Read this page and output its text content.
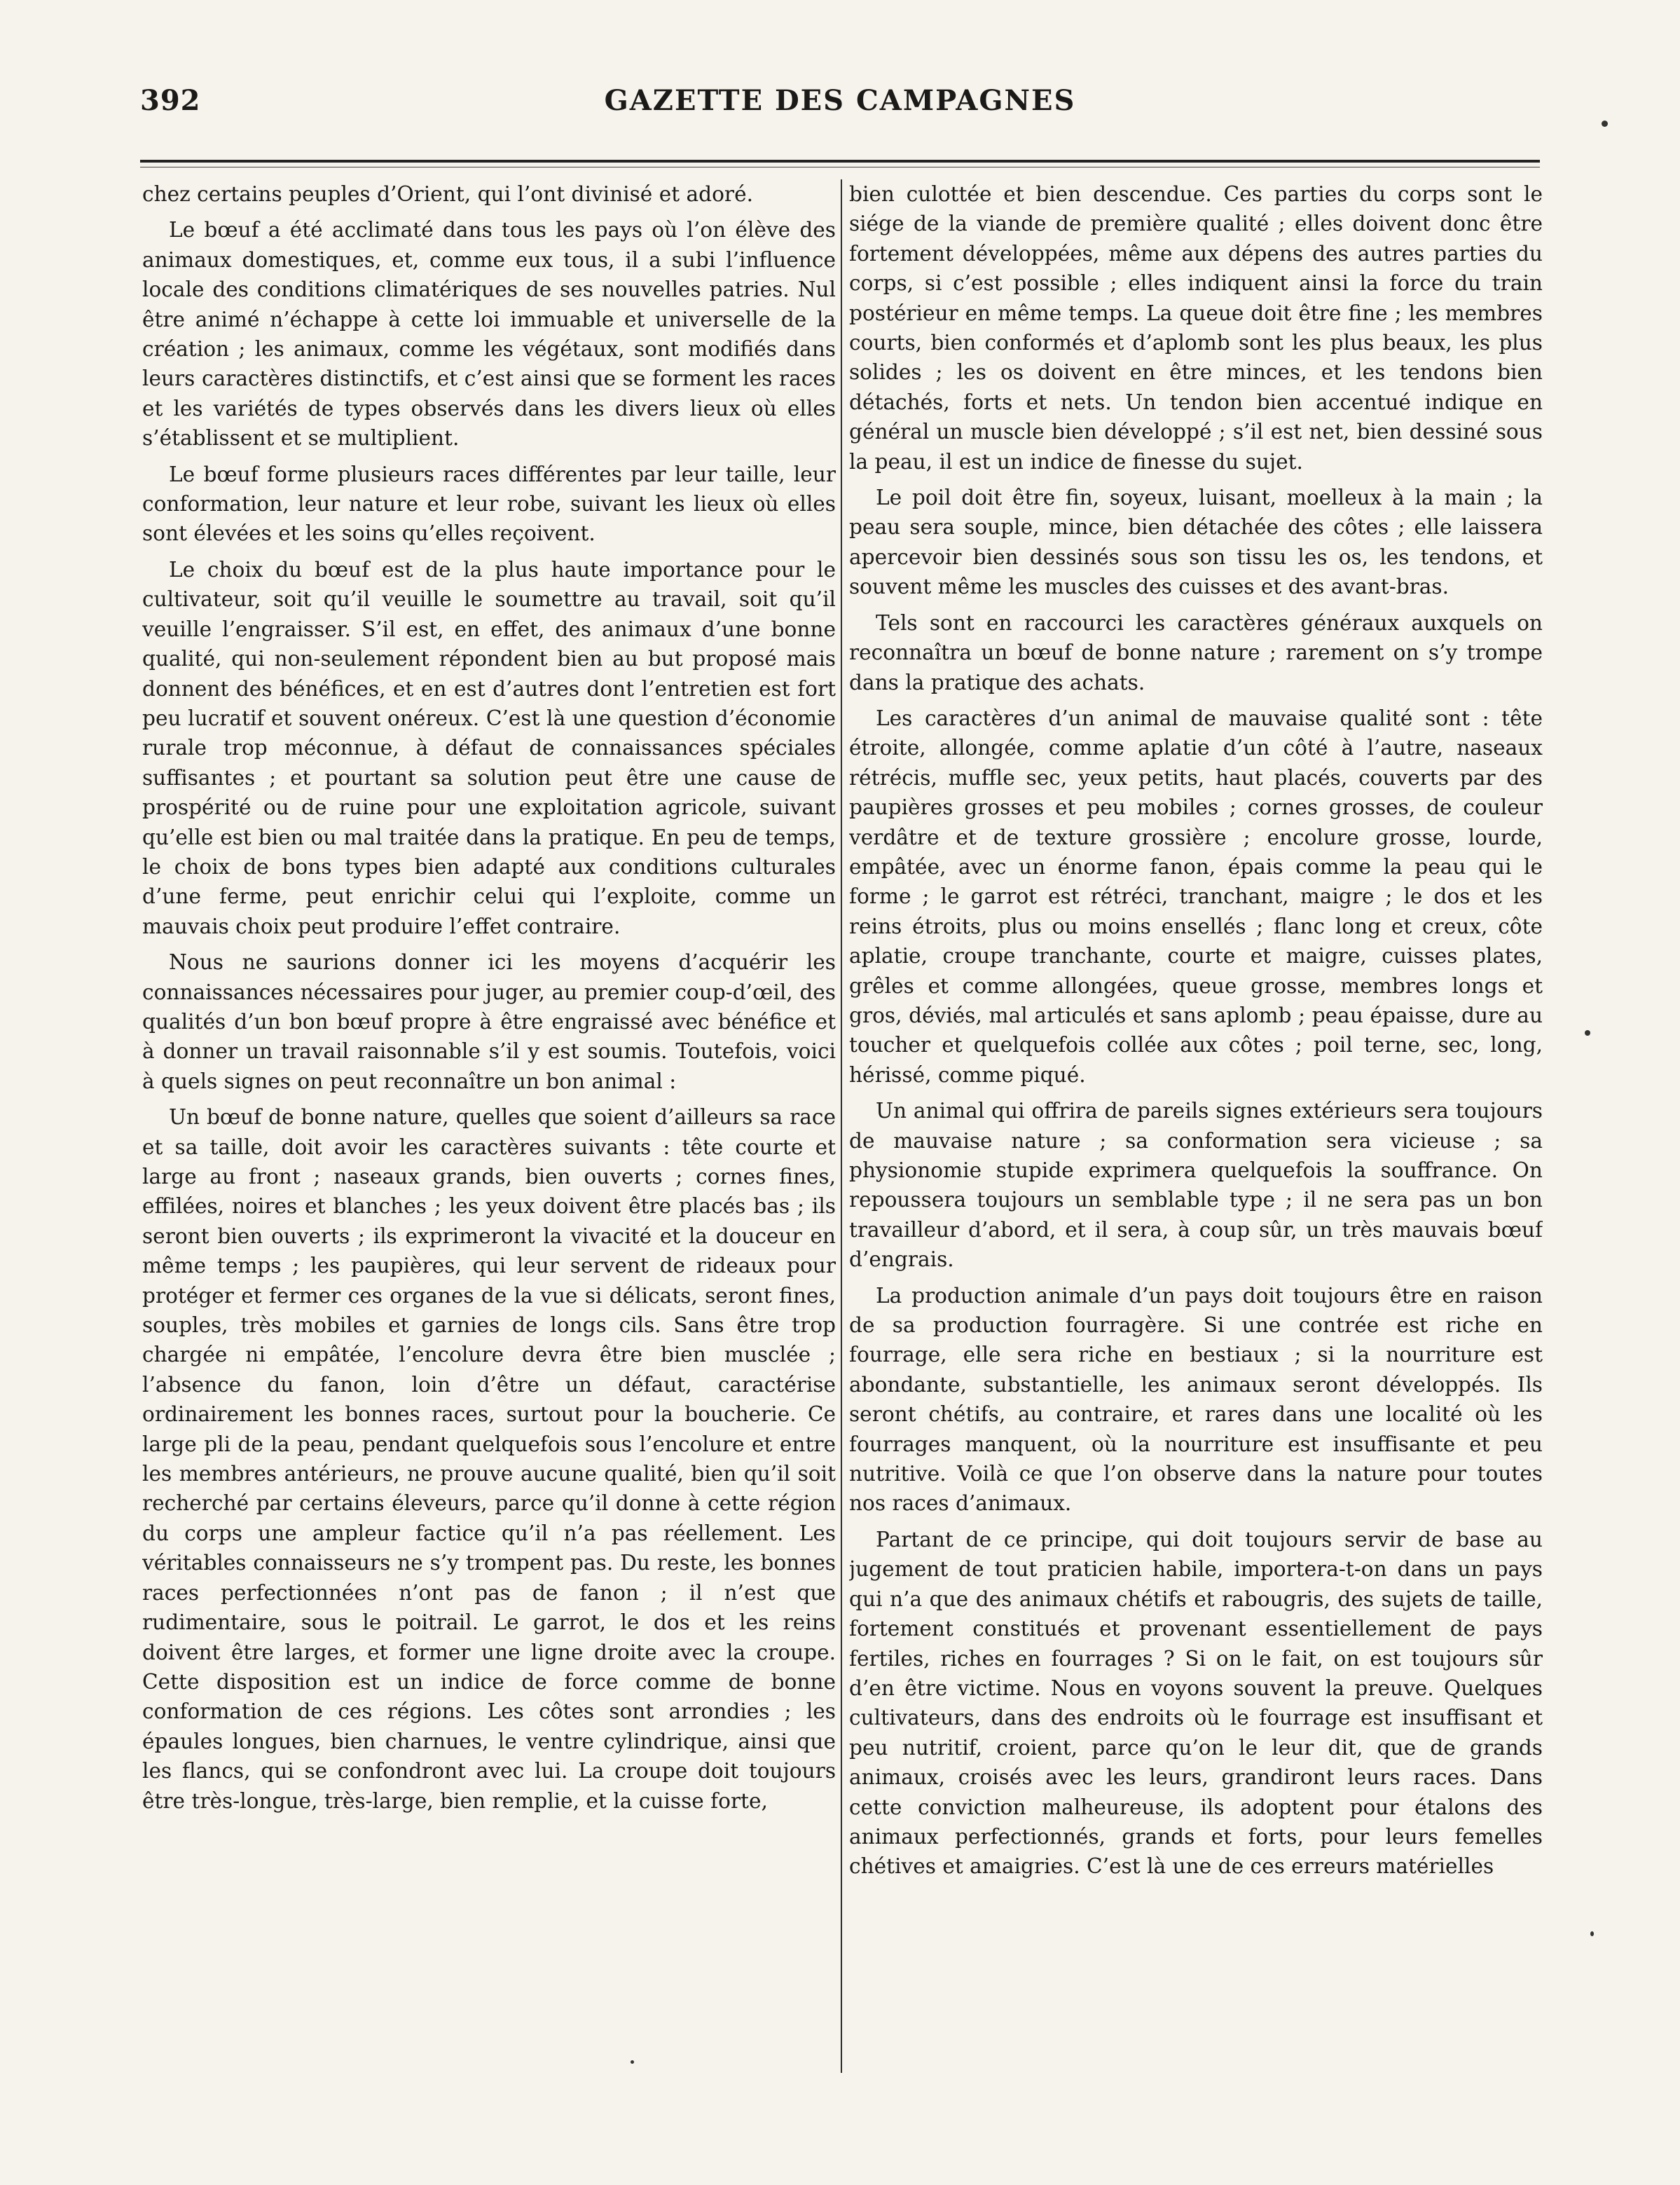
392	GAZETTE DES CAMPAGNES

chez certains peuples d’Orient, qui l’ont divinisé et adoré.

Le bœuf a été acclimaté dans tous les pays où l’on élève des animaux domestiques, et, comme eux tous, il a subi l’influence locale des conditions climatériques de ses nouvelles patries. Nul être animé n’échappe à cette loi immuable et universelle de la création ; les animaux, comme les végétaux, sont modifiés dans leurs caractères distinctifs, et c’est ainsi que se forment les races et les variétés de types observés dans les divers lieux où elles s’établissent et se multiplient.

Le bœuf forme plusieurs races différentes par leur taille, leur conformation, leur nature et leur robe, suivant les lieux où elles sont élevées et les soins qu’elles reçoivent.

Le choix du bœuf est de la plus haute importance pour le cultivateur, soit qu’il veuille le soumettre au travail, soit qu’il veuille l’engraisser. S’il est, en effet, des animaux d’une bonne qualité, qui non-seulement répondent bien au but proposé mais donnent des bénéfices, et en est d’autres dont l’entretien est fort peu lucratif et souvent onéreux. C’est là une question d’économie rurale trop méconnue, à défaut de connaissances spéciales suffisantes ; et pourtant sa solution peut être une cause de prospérité ou de ruine pour une exploitation agricole, suivant qu’elle est bien ou mal traitée dans la pratique. En peu de temps, le choix de bons types bien adapté aux conditions culturales d’une ferme, peut enrichir celui qui l’exploite, comme un mauvais choix peut produire l’effet contraire.

Nous ne saurions donner ici les moyens d’acquérir les connaissances nécessaires pour juger, au premier coup-d’œil, des qualités d’un bon bœuf propre à être engraissé avec bénéfice et à donner un travail raisonnable s’il y est soumis. Toutefois, voici à quels signes on peut reconnaître un bon animal :

Un bœuf de bonne nature, quelles que soient d’ailleurs sa race et sa taille, doit avoir les caractères suivants : tête courte et large au front ; naseaux grands, bien ouverts ; cornes fines, effilées, noires et blanches ; les yeux doivent être placés bas ; ils seront bien ouverts ; ils exprimeront la vivacité et la douceur en même temps ; les paupières, qui leur servent de rideaux pour protéger et fermer ces organes de la vue si délicats, seront fines, souples, très mobiles et garnies de longs cils. Sans être trop chargée ni empâtée, l’encolure devra être bien musclée ; l’absence du fanon, loin d’être un défaut, caractérise ordinairement les bonnes races, surtout pour la boucherie. Ce large pli de la peau, pendant quelquefois sous l’encolure et entre les membres antérieurs, ne prouve aucune qualité, bien qu’il soit recherché par certains éleveurs, parce qu’il donne à cette région du corps une ampleur factice qu’il n’a pas réellement. Les véritables connaisseurs ne s’y trompent pas. Du reste, les bonnes races perfectionnées n’ont pas de fanon ; il n’est que rudimentaire, sous le poitrail. Le garrot, le dos et les reins doivent être larges, et former une ligne droite avec la croupe. Cette disposition est un indice de force comme de bonne conformation de ces régions. Les côtes sont arrondies ; les épaules longues, bien charnues, le ventre cylindrique, ainsi que les flancs, qui se confondront avec lui. La croupe doit toujours être très-longue, très-large, bien remplie, et la cuisse forte,

bien culottée et bien descendue. Ces parties du corps sont le siége de la viande de première qualité ; elles doivent donc être fortement développées, même aux dépens des autres parties du corps, si c’est possible ; elles indiquent ainsi la force du train postérieur en même temps. La queue doit être fine ; les membres courts, bien conformés et d’aplomb sont les plus beaux, les plus solides ; les os doivent en être minces, et les tendons bien détachés, forts et nets. Un tendon bien accentué indique en général un muscle bien développé ; s’il est net, bien dessiné sous la peau, il est un indice de finesse du sujet.

Le poil doit être fin, soyeux, luisant, moelleux à la main ; la peau sera souple, mince, bien détachée des côtes ; elle laissera apercevoir bien dessinés sous son tissu les os, les tendons, et souvent même les muscles des cuisses et des avant-bras.

Tels sont en raccourci les caractères généraux auxquels on reconnaîtra un bœuf de bonne nature ; rarement on s’y trompe dans la pratique des achats.

Les caractères d’un animal de mauvaise qualité sont : tête étroite, allongée, comme aplatie d’un côté à l’autre, naseaux rétrécis, muffle sec, yeux petits, haut placés, couverts par des paupières grosses et peu mobiles ; cornes grosses, de couleur verdâtre et de texture grossière ; encolure grosse, lourde, empâtée, avec un énorme fanon, épais comme la peau qui le forme ; le garrot est rétréci, tranchant, maigre ; le dos et les reins étroits, plus ou moins ensellés ; flanc long et creux, côte aplatie, croupe tranchante, courte et maigre, cuisses plates, grêles et comme allongées, queue grosse, membres longs et gros, déviés, mal articulés et sans aplomb ; peau épaisse, dure au toucher et quelquefois collée aux côtes ; poil terne, sec, long, hérissé, comme piqué.

Un animal qui offrira de pareils signes extérieurs sera toujours de mauvaise nature ; sa conformation sera vicieuse ; sa physionomie stupide exprimera quelquefois la souffrance. On repoussera toujours un semblable type ; il ne sera pas un bon travailleur d’abord, et il sera, à coup sûr, un très mauvais bœuf d’engrais.

La production animale d’un pays doit toujours être en raison de sa production fourragère. Si une contrée est riche en fourrage, elle sera riche en bestiaux ; si la nourriture est abondante, substantielle, les animaux seront développés. Ils seront chétifs, au contraire, et rares dans une localité où les fourrages manquent, où la nourriture est insuffisante et peu nutritive. Voilà ce que l’on observe dans la nature pour toutes nos races d’animaux.

Partant de ce principe, qui doit toujours servir de base au jugement de tout praticien habile, importera-t-on dans un pays qui n’a que des animaux chétifs et rabougris, des sujets de taille, fortement constitués et provenant essentiellement de pays fertiles, riches en fourrages ? Si on le fait, on est toujours sûr d’en être victime. Nous en voyons souvent la preuve. Quelques cultivateurs, dans des endroits où le fourrage est insuffisant et peu nutritif, croient, parce qu’on le leur dit, que de grands animaux, croisés avec les leurs, grandiront leurs races. Dans cette conviction malheureuse, ils adoptent pour étalons des animaux perfectionnés, grands et forts, pour leurs femelles chétives et amaigries. C’est là une de ces erreurs matérielles
